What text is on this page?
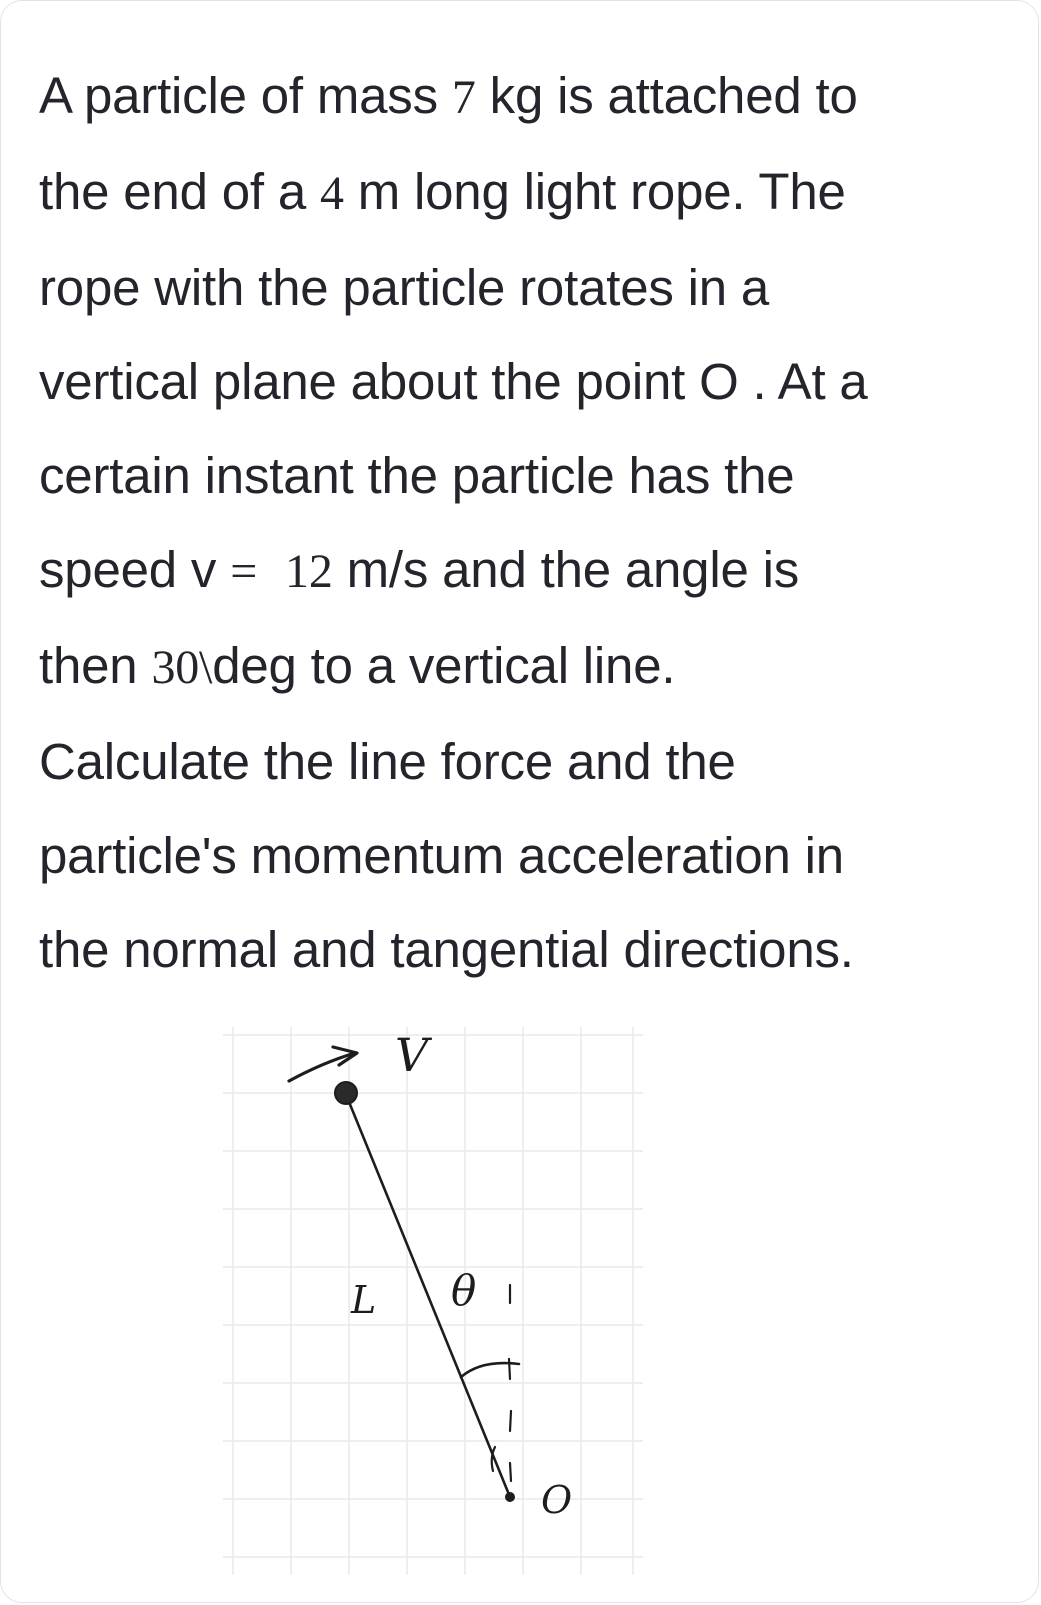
A particle of mass 7 kg is attached to
the end of a 4 m long light rope. The
rope with the particle rotates in a
vertical plane about the point O . At a
certain instant the particle has the
speed v = 12 m/s and the angle is
then 30\deg to a vertical line.
Calculate the line force and the
particle's momentum acceleration in
the normal and tangential directions.
V
L θ
O
